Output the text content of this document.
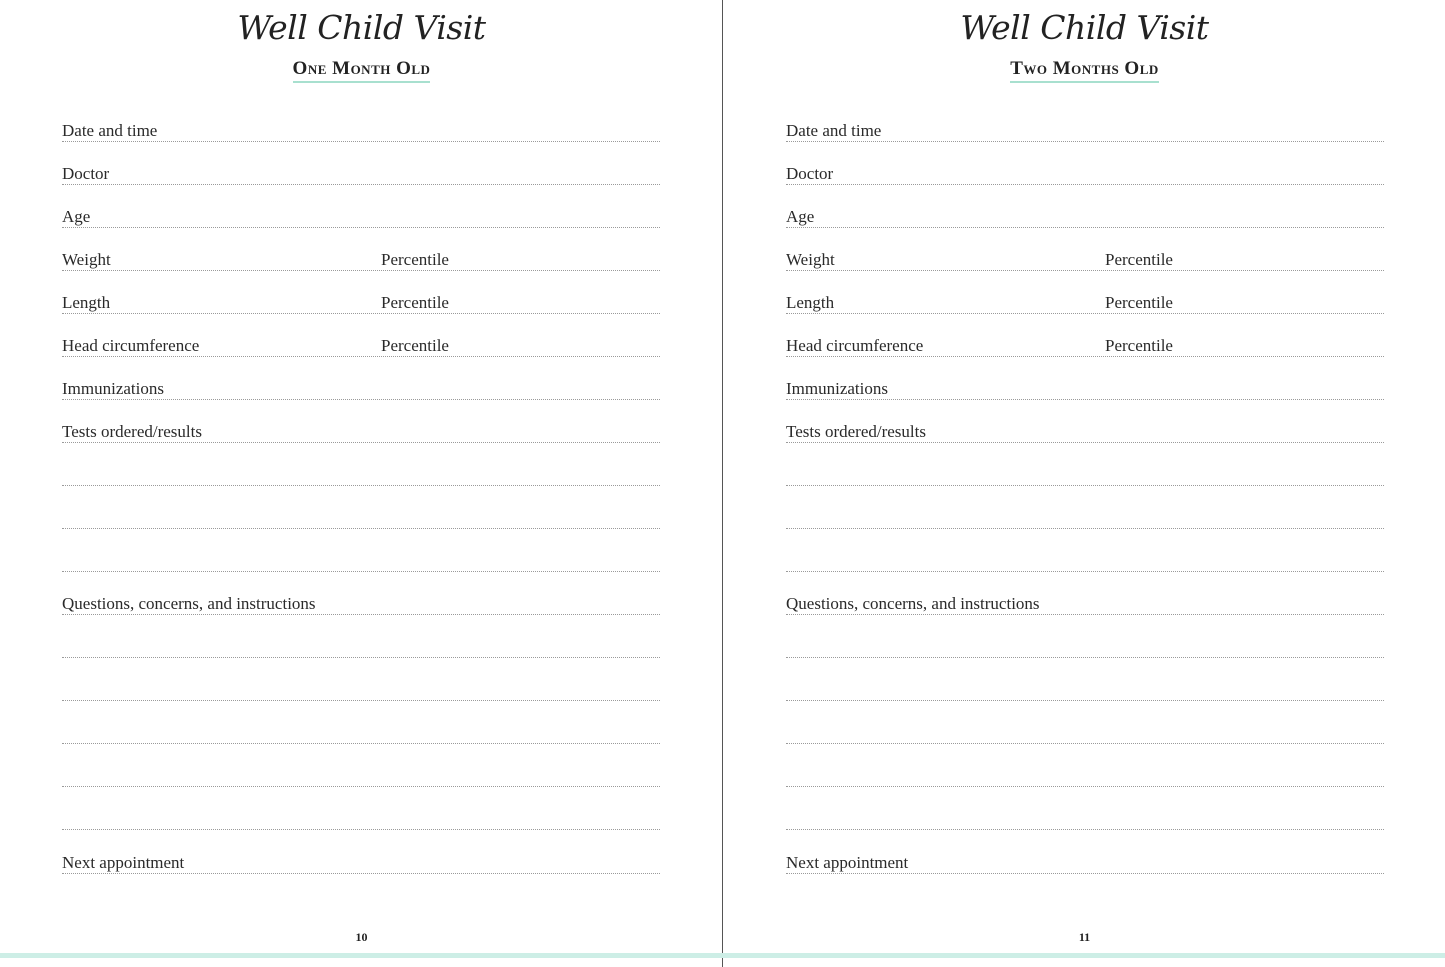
Well Child Visit
One Month Old
Date and time
Doctor
Age
Weight	Percentile
Length	Percentile
Head circumference	Percentile
Immunizations
Tests ordered/results
Questions, concerns, and instructions
Next appointment
10
Well Child Visit
Two Months Old
Date and time
Doctor
Age
Weight	Percentile
Length	Percentile
Head circumference	Percentile
Immunizations
Tests ordered/results
Questions, concerns, and instructions
Next appointment
11
